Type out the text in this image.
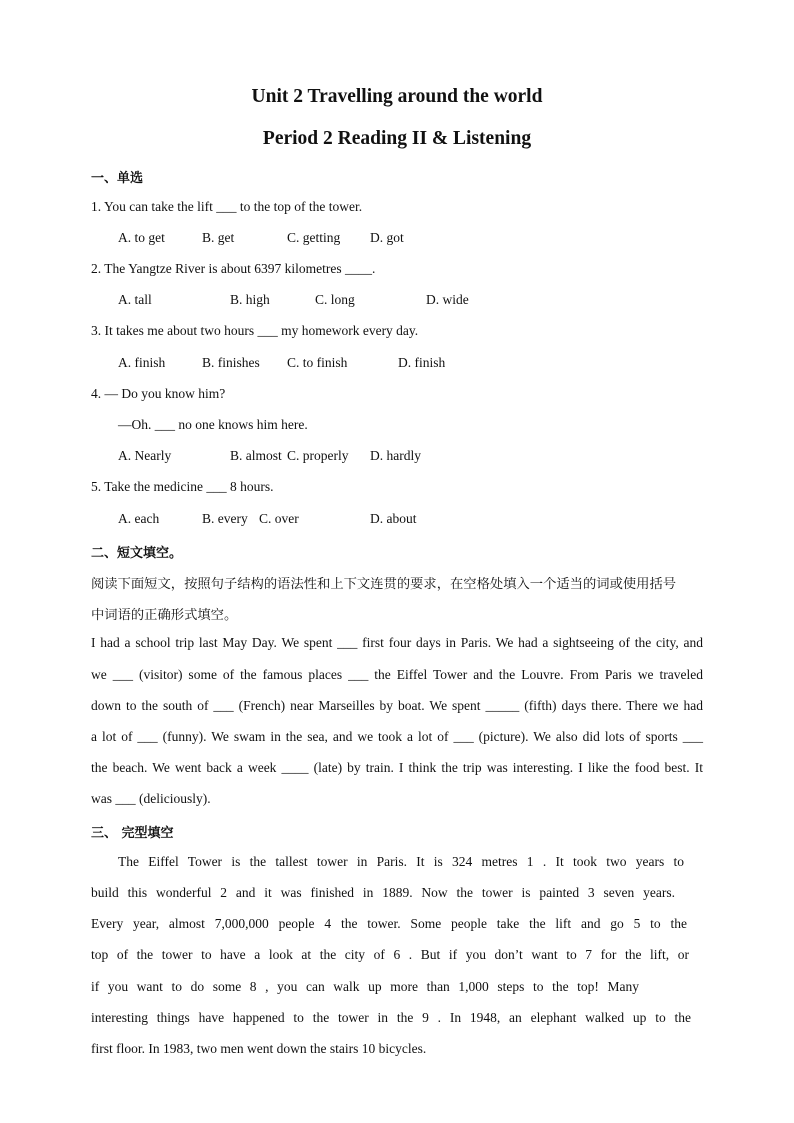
Unit 2 Travelling around the world
Period 2 Reading II & Listening
一、单选
1. You can take the lift ___ to the top of the tower.
A. to get	B. get	C. getting D. got
2. The Yangtze River is about 6397 kilometres ____.
A. tall	B. high	C. long	D. wide
3. It takes me about two hours ___ my homework every day.
A. finish	B. finishes C. to finish	D. finish
4. — Do you know him?
—Oh. ___ no one knows him here.
A. Nearly	B. almost C. properly D. hardly
5. Take the medicine ___ 8 hours.
A. each	B. every C. over	D. about
二、短文填空。
阅读下面短文，按照句子结构的语法性和上下文连贯的要求，在空格处填入一个适当的词或使用括号
中词语的正确形式填空。
I had a school trip last May Day. We spent ___ first four days in Paris. We had a sightseeing of the city, and
we ___ (visitor) some of the famous places ___ the Eiffel Tower and the Louvre. From Paris we traveled
down to the south of ___ (French) near Marseilles by boat. We spent _____ (fifth) days there. There we had
a lot of ___ (funny). We swam in the sea, and we took a lot of ___ (picture). We also did lots of sports ___
the beach. We went back a week ____ (late) by train. I think the trip was interesting. I like the food best. It
was ___ (deliciously).
三、 完型填空
The Eiffel Tower is the tallest tower in Paris. It is 324 metres 1 . It took two years to
build this wonderful 2 and it was finished in 1889. Now the tower is painted 3 seven years.
Every year, almost 7,000,000 people 4 the tower. Some people take the lift and go 5 to the
top of the tower to have a look at the city of 6 . But if you don’t want to 7 for the lift, or
if you want to do some 8 , you can walk up more than 1,000 steps to the top! Many
interesting things have happened to the tower in the 9 . In 1948, an elephant walked up to the
first floor. In 1983, two men went down the stairs 10 bicycles.
